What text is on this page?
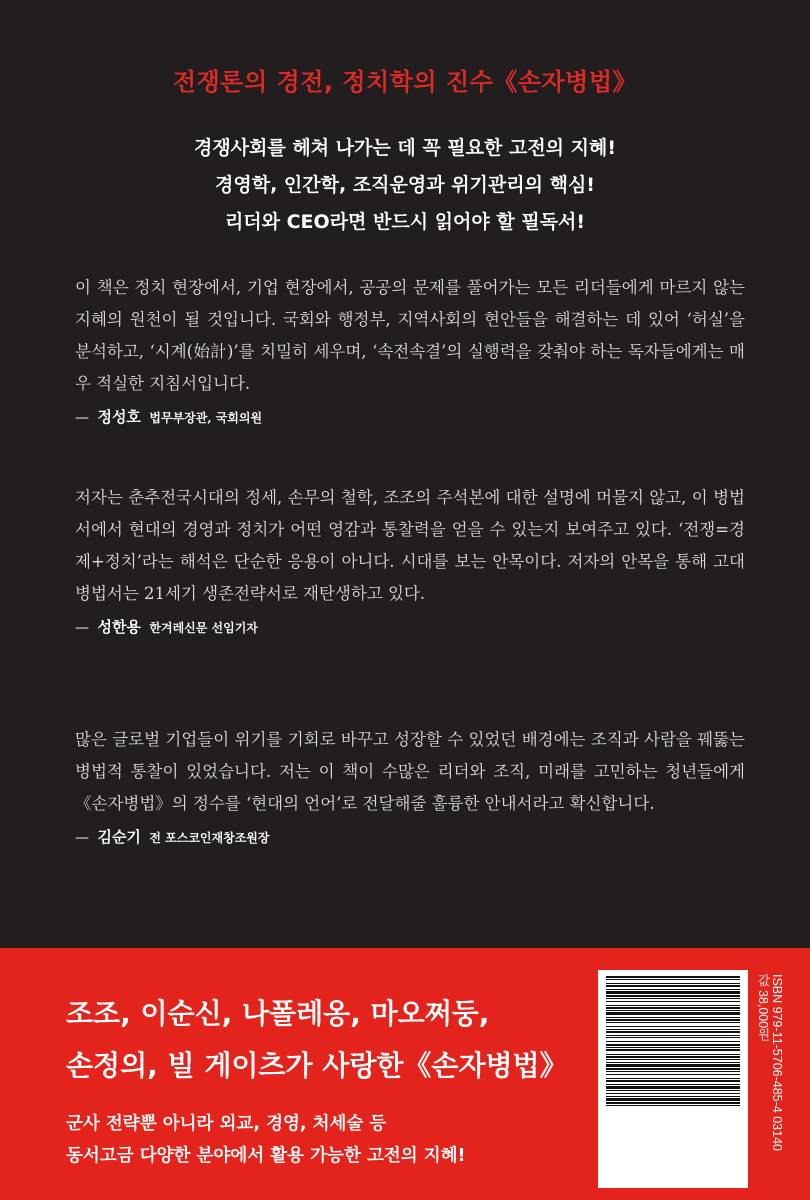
전쟁론의 경전, 정치학의 진수《손자병법》
경쟁사회를 헤쳐 나가는 데 꼭 필요한 고전의 지혜!
경영학, 인간학, 조직운영과 위기관리의 핵심!
리더와 CEO라면 반드시 읽어야 할 필독서!

이 책은 정치 현장에서, 기업 현장에서, 공공의 문제를 풀어가는 모든 리더들에게 마르지 않는 지혜의 원천이 될 것입니다. 국회와 행정부, 지역사회의 현안들을 해결하는 데 있어 ‘허실’을 분석하고, ‘시계(始計)’를 치밀히 세우며, ‘속전속결’의 실행력을 갖춰야 하는 독자들에게는 매우 적실한 지침서입니다.

— 정성호 법무부장관, 국회의원

저자는 춘추전국시대의 정세, 손무의 철학, 조조의 주석본에 대한 설명에 머물지 않고, 이 병법서에서 현대의 경영과 정치가 어떤 영감과 통찰력을 얻을 수 있는지 보여주고 있다. ‘전쟁=경제+정치’라는 해석은 단순한 응용이 아니다. 시대를 보는 안목이다. 저자의 안목을 통해 고대 병법서는 21세기 생존전략서로 재탄생하고 있다.

— 성한용 한겨레신문 선임기자

많은 글로벌 기업들이 위기를 기회로 바꾸고 성장할 수 있었던 배경에는 조직과 사람을 꿰뚫는 병법적 통찰이 있었습니다. 저는 이 책이 수많은 리더와 조직, 미래를 고민하는 청년들에게《손자병법》의 정수를 ‘현대의 언어’로 전달해줄 훌륭한 안내서라고 확신합니다.

— 김순기 전 포스코인재창조원장
조조, 이순신, 나폴레옹, 마오쩌둥,
손정의, 빌 게이츠가 사랑한《손자병법》
군사 전략뿐 아니라 외교, 경영, 처세술 등
동서고금 다양한 분야에서 활용 가능한 고전의 지혜!
ISBN 979-11-5706-485-4 03140
값 38,000원
